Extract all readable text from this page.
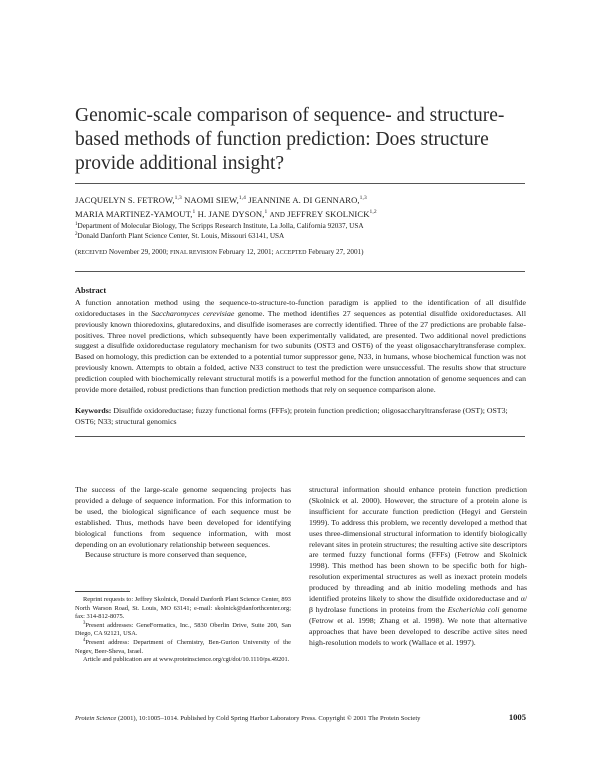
Genomic-scale comparison of sequence- and structure-based methods of function prediction: Does structure provide additional insight?
JACQUELYN S. FETROW,$^{1,3}$ NAOMI SIEW,$^{1,4}$ JEANNINE A. DI GENNARO,$^{1,3}$
MARIA MARTINEZ-YAMOUT,$^1$ H. JANE DYSON,$^1$ AND JEFFREY SKOLNICK$^{1,2}$
$^1$Department of Molecular Biology, The Scripps Research Institute, La Jolla, California 92037, USA
$^2$Donald Danforth Plant Science Center, St. Louis, Missouri 63141, USA
(RECEIVED November 29, 2000; FINAL REVISION February 12, 2001; ACCEPTED February 27, 2001)
Abstract
A function annotation method using the sequence-to-structure-to-function paradigm is applied to the identification of all disulfide oxidoreductases in the Saccharomyces cerevisiae genome. The method identifies 27 sequences as potential disulfide oxidoreductases. All previously known thioredoxins, glutaredoxins, and disulfide isomerases are correctly identified. Three of the 27 predictions are probable false-positives. Three novel predictions, which subsequently have been experimentally validated, are presented. Two additional novel predictions suggest a disulfide oxidoreductase regulatory mechanism for two subunits (OST3 and OST6) of the yeast oligosaccharyltransferase complex. Based on homology, this prediction can be extended to a potential tumor suppressor gene, N33, in humans, whose biochemical function was not previously known. Attempts to obtain a folded, active N33 construct to test the prediction were unsuccessful. The results show that structure prediction coupled with biochemically relevant structural motifs is a powerful method for the function annotation of genome sequences and can provide more detailed, robust predictions than function prediction methods that rely on sequence comparison alone.
Keywords: Disulfide oxidoreductase; fuzzy functional forms (FFFs); protein function prediction; oligosaccharyltransferase (OST); OST3; OST6; N33; structural genomics

The success of the large-scale genome sequencing projects has provided a deluge of sequence information. For this information to be used, the biological significance of each sequence must be established. Thus, methods have been developed for identifying biological functions from sequence information, with most depending on an evolutionary relationship between sequences.

Because structure is more conserved than sequence,

structural information should enhance protein function prediction (Skolnick et al. 2000). However, the structure of a protein alone is insufficient for accurate function prediction (Hegyi and Gerstein 1999). To address this problem, we recently developed a method that uses three-dimensional structural information to identify biologically relevant sites in protein structures; the resulting active site descriptors are termed fuzzy functional forms (FFFs) (Fetrow and Skolnick 1998). This method has been shown to be specific both for high-resolution experimental structures as well as inexact protein models produced by threading and ab initio modeling methods and has identified proteins likely to show the disulfide oxidoreductase and α/β hydrolase functions in proteins from the Escherichia coli genome (Fetrow et al. 1998; Zhang et al. 1998). We note that alternative approaches that have been developed to describe active sites need high-resolution models to work (Wallace et al. 1997).

Reprint requests to: Jeffrey Skolnick, Donald Danforth Plant Science Center, 893 North Warson Road, St. Louis, MO 63141; e-mail: skolnick@danforthcenter.org; fax: 314-812-8075.

$^3$Present addresses: GeneFormatics, Inc., 5830 Oberlin Drive, Suite 200, San Diego, CA 92121, USA.

$^4$Present address: Department of Chemistry, Ben-Gurion University of the Negev, Beer-Sheva, Israel.

Article and publication are at www.proteinscience.org/cgi/doi/10.1110/ps.49201.

Protein Science (2001), 10:1005–1014. Published by Cold Spring Harbor Laboratory Press. Copyright © 2001 The Protein Society	1005
